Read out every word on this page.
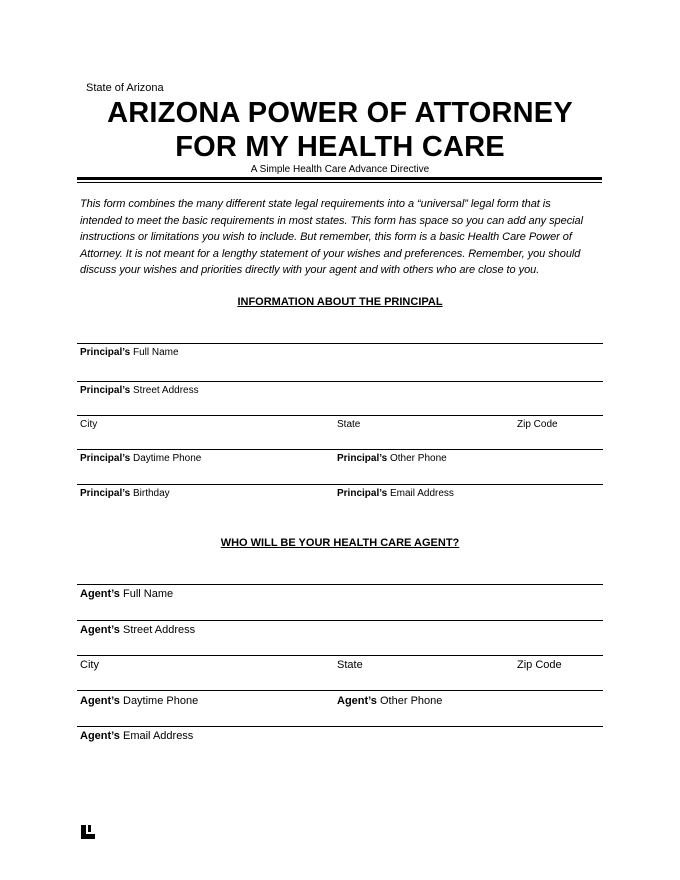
State of Arizona
ARIZONA POWER OF ATTORNEY
FOR MY HEALTH CARE
A Simple Health Care Advance Directive
This form combines the many different state legal requirements into a “universal” legal form that is
intended to meet the basic requirements in most states. This form has space so you can add any special
instructions or limitations you wish to include. But remember, this form is a basic Health Care Power of
Attorney. It is not meant for a lengthy statement of your wishes and preferences. Remember, you should
discuss your wishes and priorities directly with your agent and with others who are close to you.
INFORMATION ABOUT THE PRINCIPAL
Principal’s Full Name
Principal’s Street Address
City	State	Zip Code
Principal’s Daytime Phone	Principal’s Other Phone
Principal’s Birthday	Principal’s Email Address
WHO WILL BE YOUR HEALTH CARE AGENT?
Agent’s Full Name
Agent’s Street Address
City	State	Zip Code
Agent’s Daytime Phone	Agent’s Other Phone
Agent’s Email Address
